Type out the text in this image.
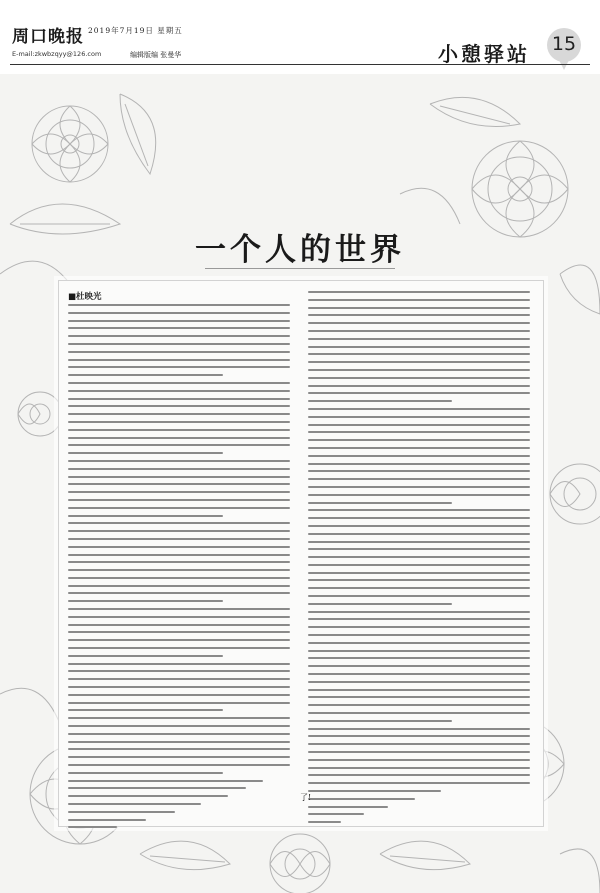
周口晚报 2019年7月19日 星期五
E-mail:zkwbzqyy@126.com	编辑版编 张曼华	小憩驿站 15
一个人的世界
■杜映光
了!
